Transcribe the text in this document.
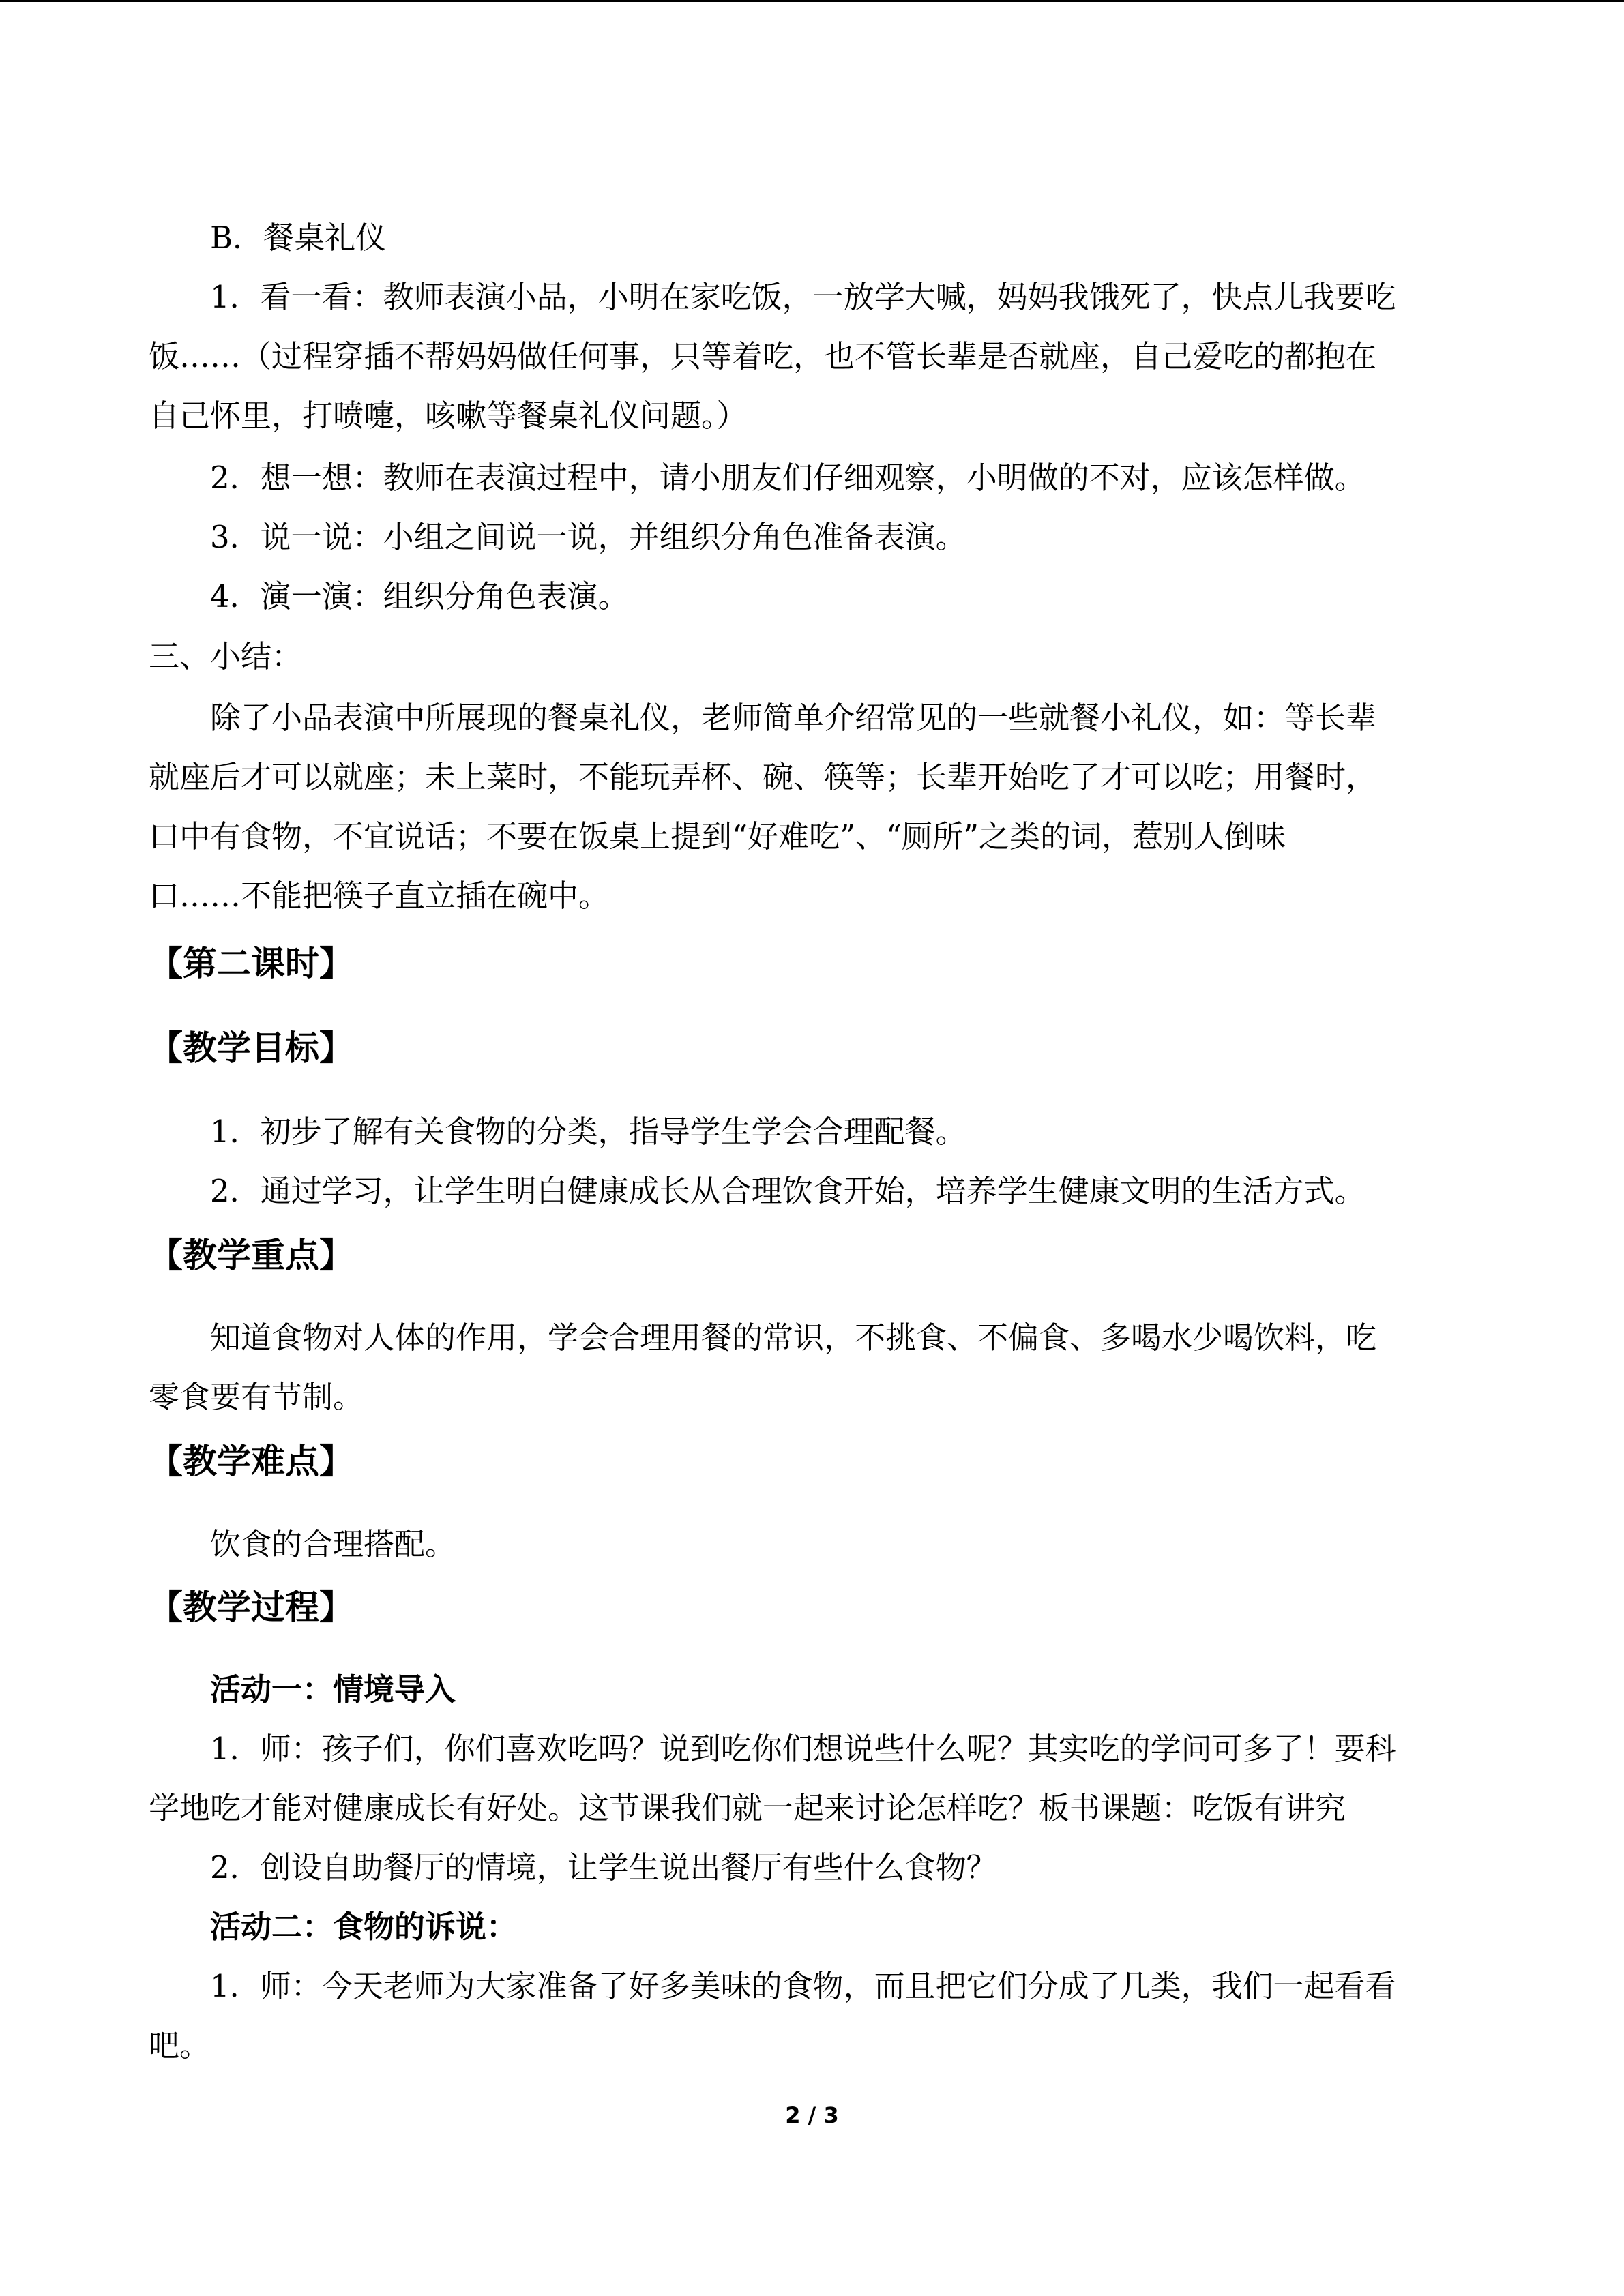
B．餐桌礼仪
1．看一看：教师表演小品，小明在家吃饭，一放学大喊，妈妈我饿死了，快点儿我要吃
饭……（过程穿插不帮妈妈做任何事，只等着吃，也不管长辈是否就座，自己爱吃的都抱在
自己怀里，打喷嚏，咳嗽等餐桌礼仪问题。）
2．想一想：教师在表演过程中，请小朋友们仔细观察，小明做的不对，应该怎样做。
3．说一说：小组之间说一说，并组织分角色准备表演。
4．演一演：组织分角色表演。
三、小结：
除了小品表演中所展现的餐桌礼仪，老师简单介绍常见的一些就餐小礼仪，如：等长辈
就座后才可以就座；未上菜时，不能玩弄杯、碗、筷等；长辈开始吃了才可以吃；用餐时，
口中有食物，不宜说话；不要在饭桌上提到“好难吃”、“厕所”之类的词，惹别人倒味
口……不能把筷子直立插在碗中。
【第二课时】
【教学目标】
1．初步了解有关食物的分类，指导学生学会合理配餐。
2．通过学习，让学生明白健康成长从合理饮食开始，培养学生健康文明的生活方式。
【教学重点】
知道食物对人体的作用，学会合理用餐的常识，不挑食、不偏食、多喝水少喝饮料，吃
零食要有节制。
【教学难点】
饮食的合理搭配。
【教学过程】
活动一：情境导入
1．师：孩子们，你们喜欢吃吗？说到吃你们想说些什么呢？其实吃的学问可多了！要科
学地吃才能对健康成长有好处。这节课我们就一起来讨论怎样吃？板书课题：吃饭有讲究
2．创设自助餐厅的情境，让学生说出餐厅有些什么食物？
活动二：食物的诉说：
1．师：今天老师为大家准备了好多美味的食物，而且把它们分成了几类，我们一起看看
吧。
2 / 3
